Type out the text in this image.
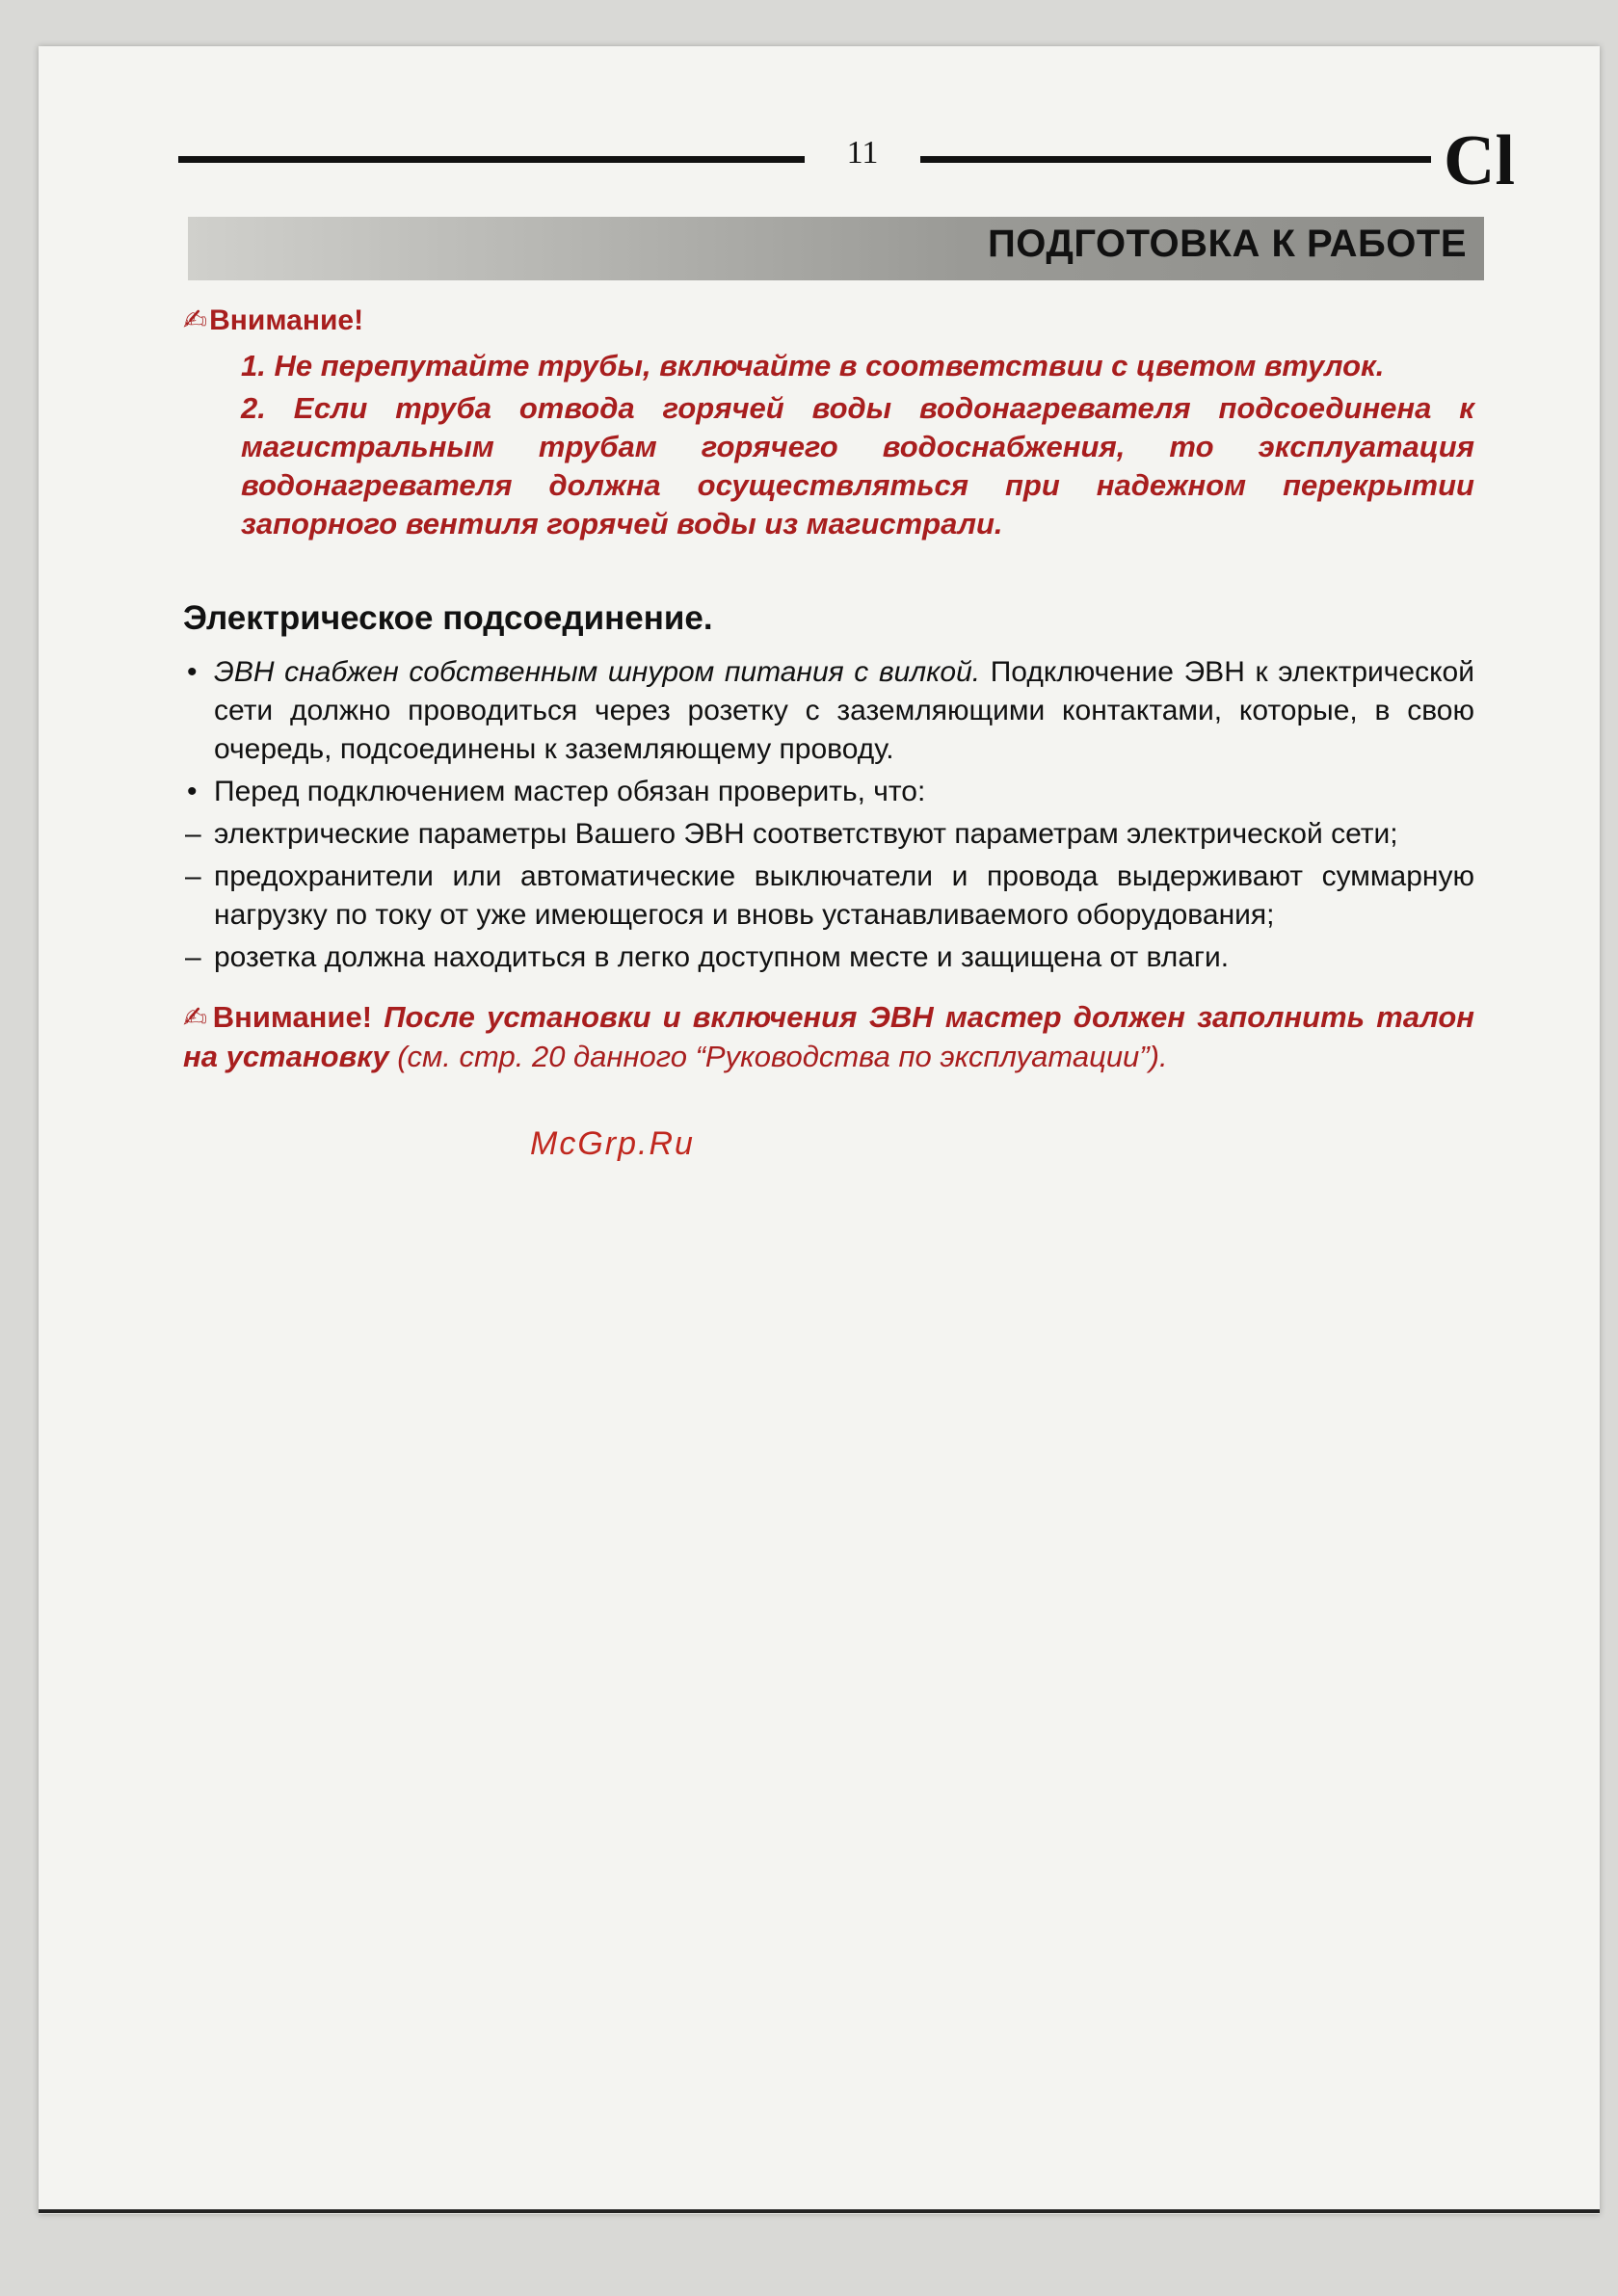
11	Cl
ПОДГОТОВКА К РАБОТЕ
✍ Внимание!
1. Не перепутайте трубы, включайте в соответствии с цветом втулок.
2. Если труба отвода горячей воды водонагревателя подсоединена к магистральным трубам горячего водоснабжения, то эксплуатация водонагревателя должна осуществляться при надежном перекрытии запорного вентиля горячей воды из магистрали.
Электрическое подсоединение.
• ЭВН снабжен собственным шнуром питания с вилкой. Подключение ЭВН к электрической сети должно проводиться через розетку с заземляющими контактами, которые, в свою очередь, подсоединены к заземляющему проводу.
• Перед подключением мастер обязан проверить, что:
– электрические параметры Вашего ЭВН соответствуют параметрам электрической сети;
– предохранители или автоматические выключатели и провода выдерживают суммарную нагрузку по току от уже имеющегося и вновь устанавливаемого оборудования;
– розетка должна находиться в легко доступном месте и защищена от влаги.
✍Внимание! После установки и включения ЭВН мастер должен заполнить талон на установку (см. стр. 20 данного “Руководства по эксплуатации”).
McGrp.Ru
